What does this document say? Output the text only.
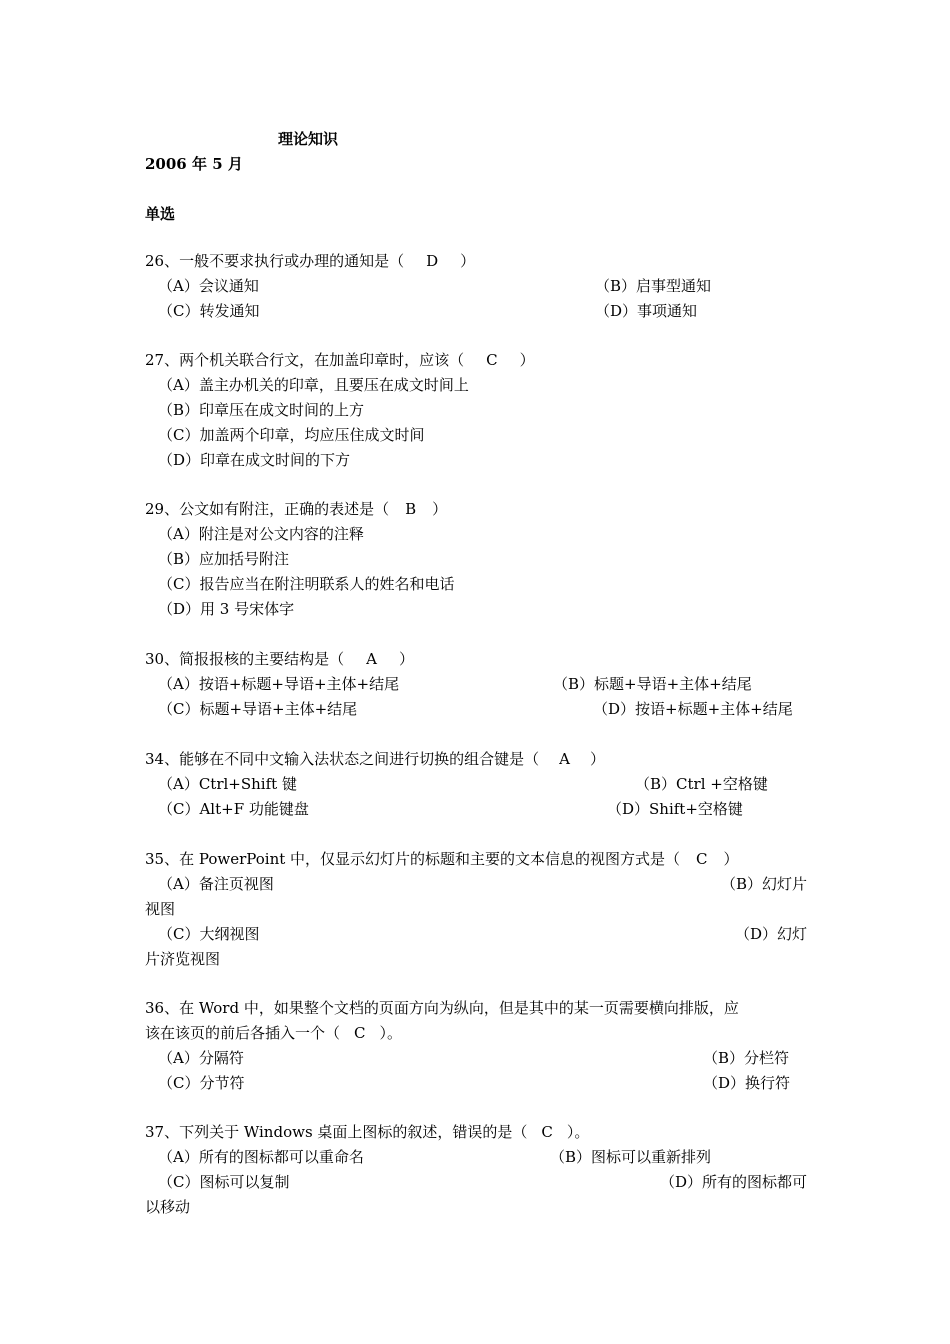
理论知识
2006 年 5 月
单选
26、一般不要求执行或办理的通知是（ D ）
（A）会议通知	（B）启事型通知
（C）转发通知	（D）事项通知
27、两个机关联合行文，在加盖印章时，应该（ C ）
（A）盖主办机关的印章，且要压在成文时间上
（B）印章压在成文时间的上方
（C）加盖两个印章，均应压住成文时间
（D）印章在成文时间的下方
29、公文如有附注，正确的表述是（ B ）
（A）附注是对公文内容的注释
（B）应加括号附注
（C）报告应当在附注明联系人的姓名和电话
（D）用 3 号宋体字
30、简报报核的主要结构是（ A ）
（A）按语+标题+导语+主体+结尾	（B）标题+导语+主体+结尾
（C）标题+导语+主体+结尾	（D）按语+标题+主体+结尾
34、能够在不同中文输入法状态之间进行切换的组合键是（ A ）
（A）Ctrl+Shift 键	（B）Ctrl +空格键
（C）Alt+F 功能键盘	（D）Shift+空格键
35、在 PowerPoint 中，仅显示幻灯片的标题和主要的文本信息的视图方式是（ C ）
（A）备注页视图	（B）幻灯片
视图
（C）大纲视图	（D）幻灯
片济览视图
36、在 Word 中，如果整个文档的页面方向为纵向，但是其中的某一页需要横向排版，应
该在该页的前后各插入一个（ C ）。
（A）分隔符	（B）分栏符
（C）分节符	（D）换行符
37、下列关于 Windows 桌面上图标的叙述，错误的是（ C ）。
（A）所有的图标都可以重命名	（B）图标可以重新排列
（C）图标可以复制	（D）所有的图标都可
以移动
